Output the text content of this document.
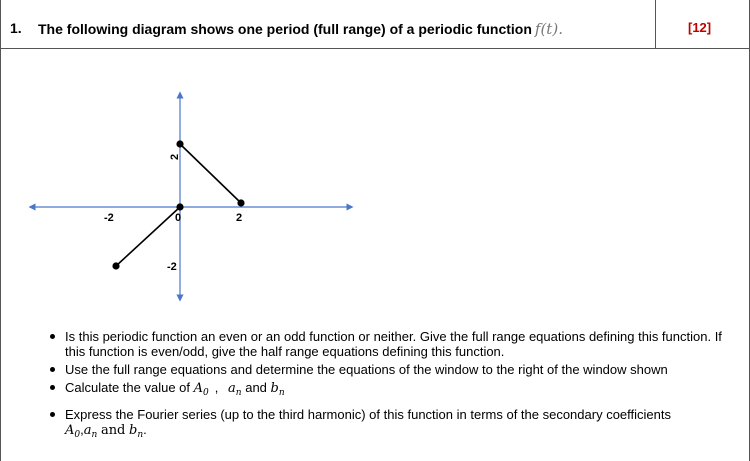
1. The following diagram shows one period (full range) of a periodic function f(t).	[12]
-2	0	2
2
-2
Is this periodic function an even or an odd function or neither. Give the full range equations defining this function. If this function is even/odd, give the half range equations defining this function.
Use the full range equations and determine the equations of the window to the right of the window shown
Calculate the value of $A_0$ , $a_n$ and $b_n$
Express the Fourier series (up to the third harmonic) of this function in terms of the secondary coefficients
$A_0,a_n$ and $b_n$.
